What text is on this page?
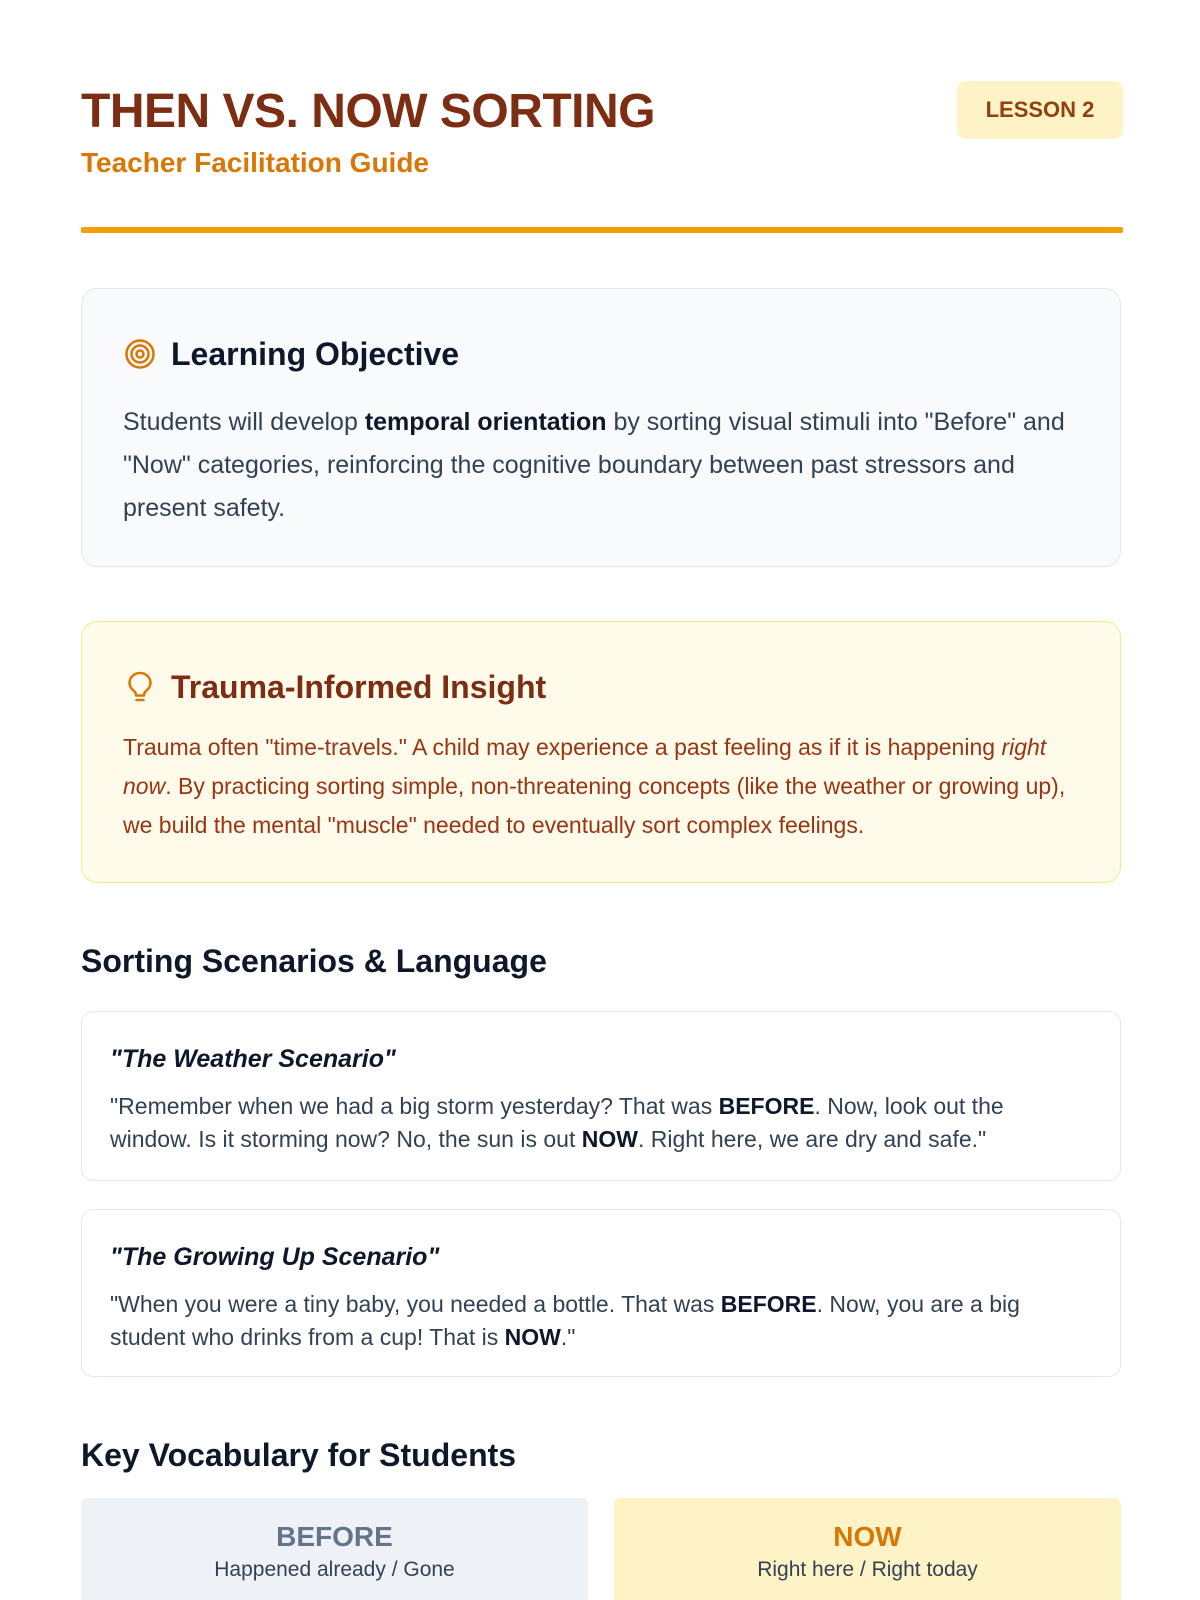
THEN VS. NOW SORTING
Teacher Facilitation Guide
LESSON 2
Learning Objective

Students will develop temporal orientation by sorting visual stimuli into "Before" and "Now" categories, reinforcing the cognitive boundary between past stressors and present safety.

Trauma-Informed Insight

Trauma often "time-travels." A child may experience a past feeling as if it is happening right now. By practicing sorting simple, non-threatening concepts (like the weather or growing up), we build the mental "muscle" needed to eventually sort complex feelings.

Sorting Scenarios & Language

"The Weather Scenario"

"Remember when we had a big storm yesterday? That was BEFORE. Now, look out the window. Is it storming now? No, the sun is out NOW. Right here, we are dry and safe."

"The Growing Up Scenario"

"When you were a tiny baby, you needed a bottle. That was BEFORE. Now, you are a big student who drinks from a cup! That is NOW."

Key Vocabulary for Students
BEFORE
Happened already / Gone
NOW
Right here / Right today
